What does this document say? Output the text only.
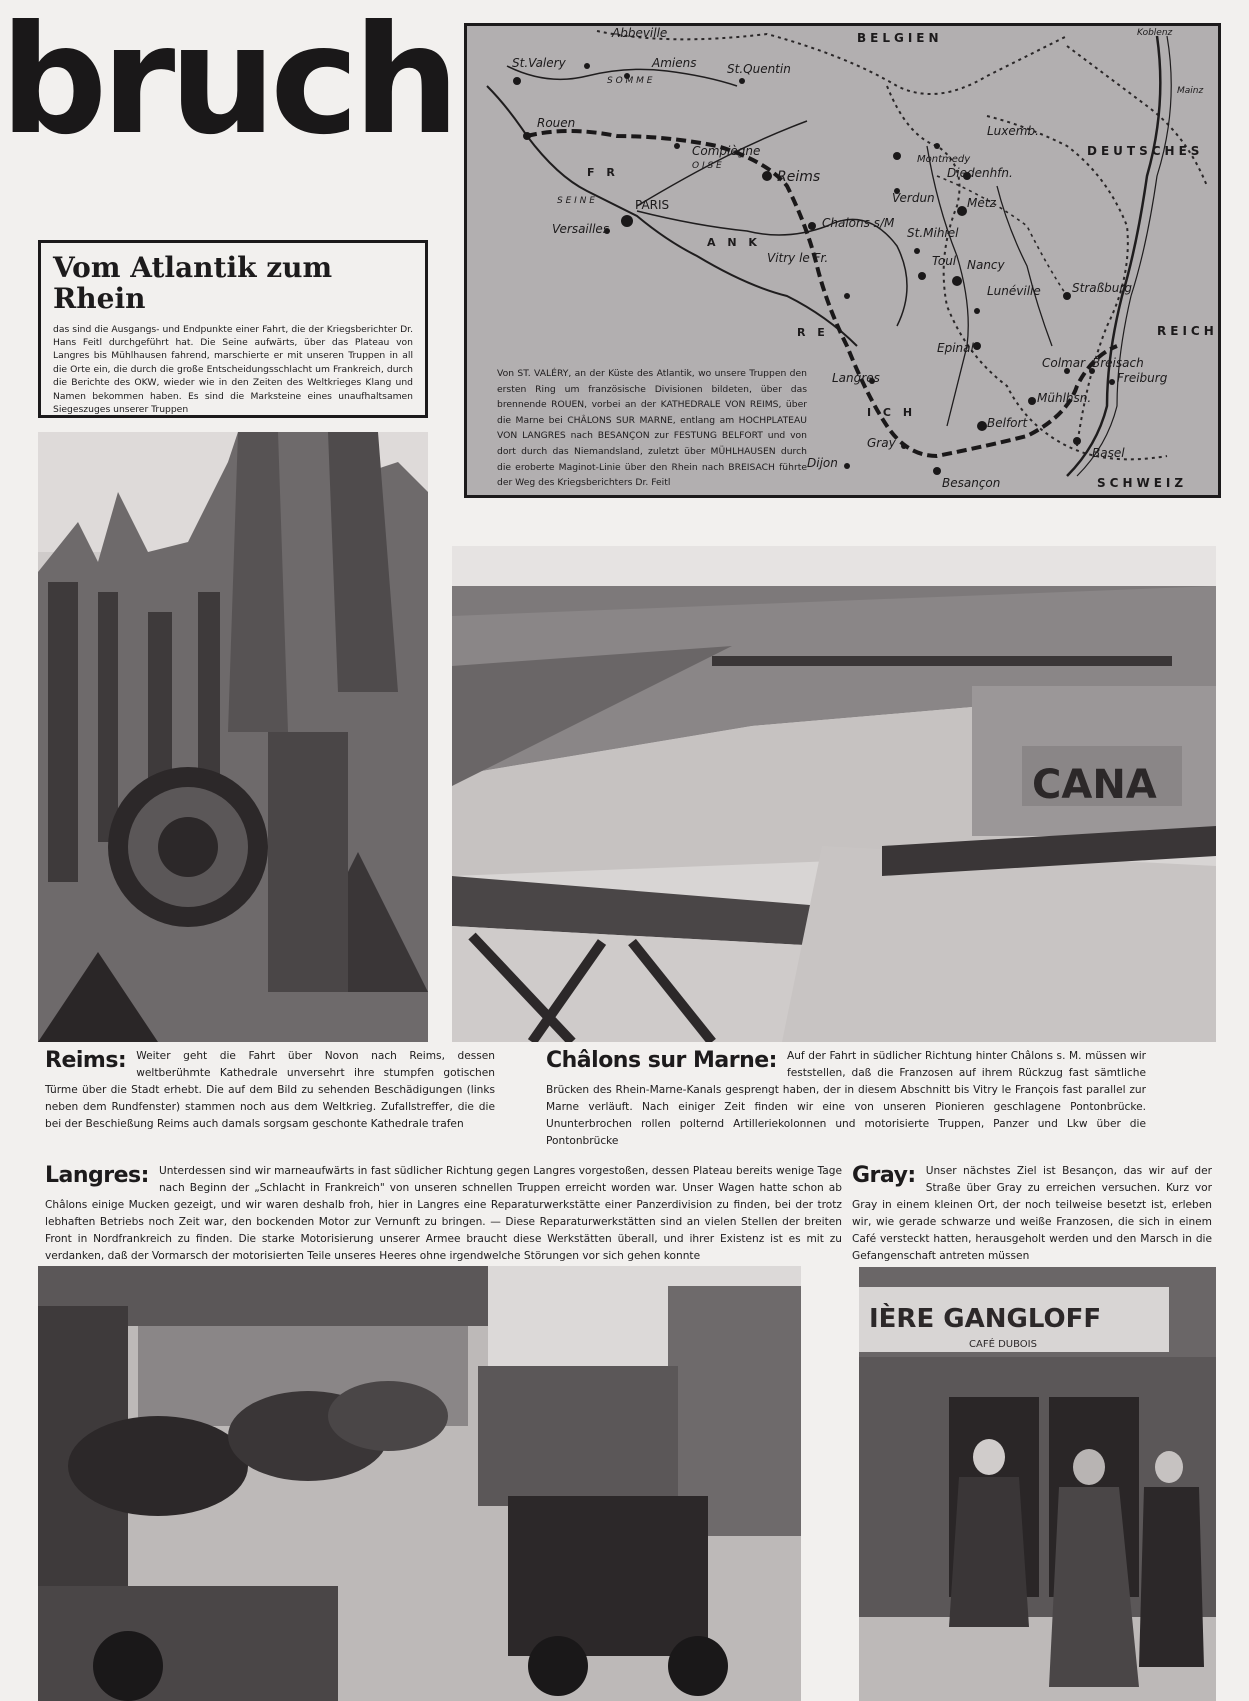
bruch
Vom Atlantik zum Rhein

das sind die Ausgangs- und Endpunkte einer Fahrt, die der Kriegsberichter Dr. Hans Feitl durchgeführt hat. Die Seine aufwärts, über das Plateau von Langres bis Mühlhausen fahrend, marschierte er mit unseren Truppen in all die Orte ein, die durch die große Entscheidungsschlacht um Frankreich, durch die Berichte des OKW, wieder wie in den Zeiten des Weltkrieges Klang und Namen bekommen haben. Es sind die Marksteine eines unaufhaltsamen Siegeszuges unserer Truppen

BELGIEN
DEUTSCHES
REICH
SCHWEIZ
F R
A N K
R E
I C H
S O M M E
O I S E
S E I N E
Abbeville
St.Valery	Amiens	St.Quentin
Koblenz
Mainz
Rouen
Compiègne
Luxemb.
Montmedy
Diedenhfn.
Reims
Verdun	Metz
PARIS
Versailles	Chalons s/M
St.Mihiel
Toul Nancy
Vitry le Fr.
Lunéville	Straßburg
Epinal
Colmar Breisach
Freiburg
Langres
Mühlhsn.
Belfort
Gray
Dijon
Basel
Besançon
Von ST. VALÉRY, an der Küste des Atlantik, wo unsere Truppen den ersten Ring um französische Divisionen bildeten, über das brennende ROUEN, vorbei an der KATHEDRALE VON REIMS, über die Marne bei CHÂLONS SUR MARNE, entlang am HOCHPLATEAU VON LANGRES nach BESANÇON zur FESTUNG BELFORT und von dort durch das Niemandsland, zuletzt über MÜHLHAUSEN durch die eroberte Maginot-Linie über den Rhein nach BREISACH führte der Weg des Kriegsberichters Dr. Feitl
CANA
Reims: Weiter geht die Fahrt über Novon nach Reims, dessen weltberühmte Kathedrale unversehrt ihre stumpfen gotischen Türme über die Stadt erhebt. Die auf dem Bild zu sehenden Beschädigungen (links neben dem Rundfenster) stammen noch aus dem Weltkrieg. Zufallstreffer, die die bei der Beschießung Reims auch damals sorgsam geschonte Kathedrale trafen
Châlons sur Marne: Auf der Fahrt in südlicher Richtung hinter Châlons s. M. müssen wir feststellen, daß die Franzosen auf ihrem Rückzug fast sämtliche Brücken des Rhein-Marne-Kanals gesprengt haben, der in diesem Abschnitt bis Vitry le François fast parallel zur Marne verläuft. Nach einiger Zeit finden wir eine von unseren Pionieren geschlagene Pontonbrücke. Ununterbrochen rollen polternd Artilleriekolonnen und motorisierte Truppen, Panzer und Lkw über die Pontonbrücke
Langres: Unterdessen sind wir marneaufwärts in fast südlicher Richtung gegen Langres vorgestoßen, dessen Plateau bereits wenige Tage nach Beginn der „Schlacht in Frankreich" von unseren schnellen Truppen erreicht worden war. Unser Wagen hatte schon ab Châlons einige Mucken gezeigt, und wir waren deshalb froh, hier in Langres eine Reparaturwerkstätte einer Panzerdivision zu finden, bei der trotz lebhaften Betriebs noch Zeit war, den bockenden Motor zur Vernunft zu bringen. — Diese Reparaturwerkstätten sind an vielen Stellen der breiten Front in Nordfrankreich zu finden. Die starke Motorisierung unserer Armee braucht diese Werkstätten überall, und ihrer Existenz ist es mit zu verdanken, daß der Vormarsch der motorisierten Teile unseres Heeres ohne irgendwelche Störungen vor sich gehen konnte
Gray: Unser nächstes Ziel ist Besançon, das wir auf der Straße über Gray zu erreichen versuchen. Kurz vor Gray in einem kleinen Ort, der noch teilweise besetzt ist, erleben wir, wie gerade schwarze und weiße Franzosen, die sich in einem Café versteckt hatten, herausgeholt werden und den Marsch in die Gefangenschaft antreten müssen
IÈRE GANGLOFF
CAFÉ DUBOIS
